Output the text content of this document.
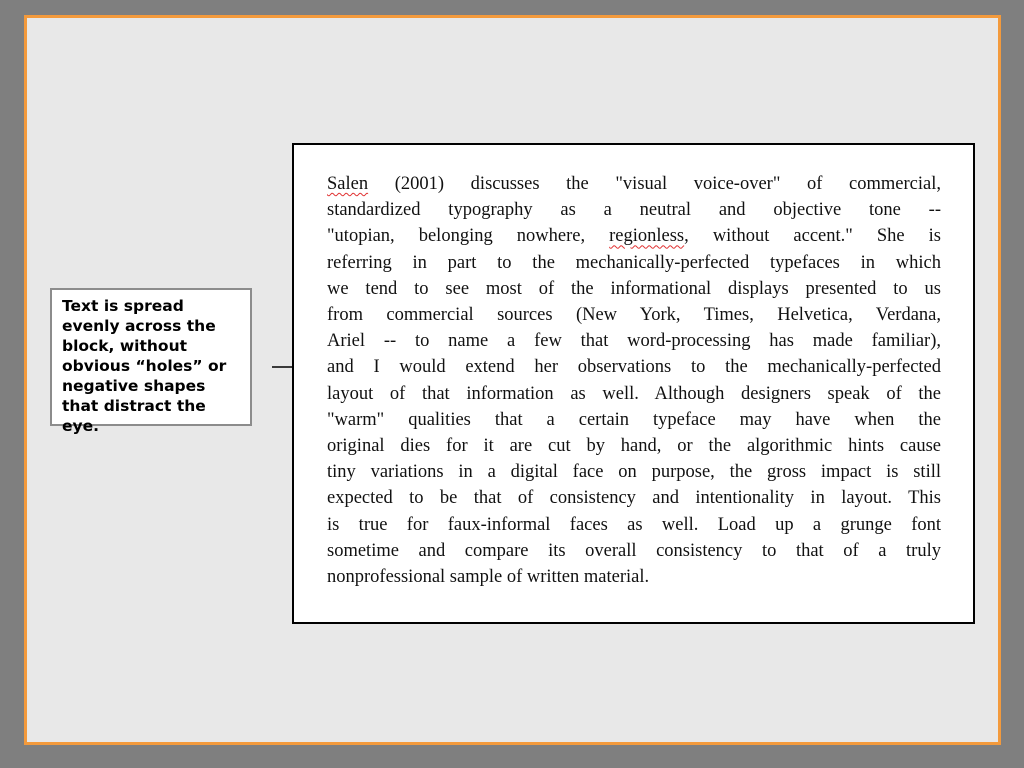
Text is spread evenly across the block, without obvious “holes” or negative shapes that distract the eye.

Salen (2001) discusses the "visual voice-over" of commercial,
standardized typography as a neutral and objective tone --
"utopian, belonging nowhere, regionless, without accent." She is
referring in part to the mechanically-perfected typefaces in which
we tend to see most of the informational displays presented to us
from commercial sources (New York, Times, Helvetica, Verdana,
Ariel -- to name a few that word-processing has made familiar),
and I would extend her observations to the mechanically-perfected
layout of that information as well. Although designers speak of the
"warm" qualities that a certain typeface may have when the
original dies for it are cut by hand, or the algorithmic hints cause
tiny variations in a digital face on purpose, the gross impact is still
expected to be that of consistency and intentionality in layout. This
is true for faux-informal faces as well. Load up a grunge font
sometime and compare its overall consistency to that of a truly
nonprofessional sample of written material.
